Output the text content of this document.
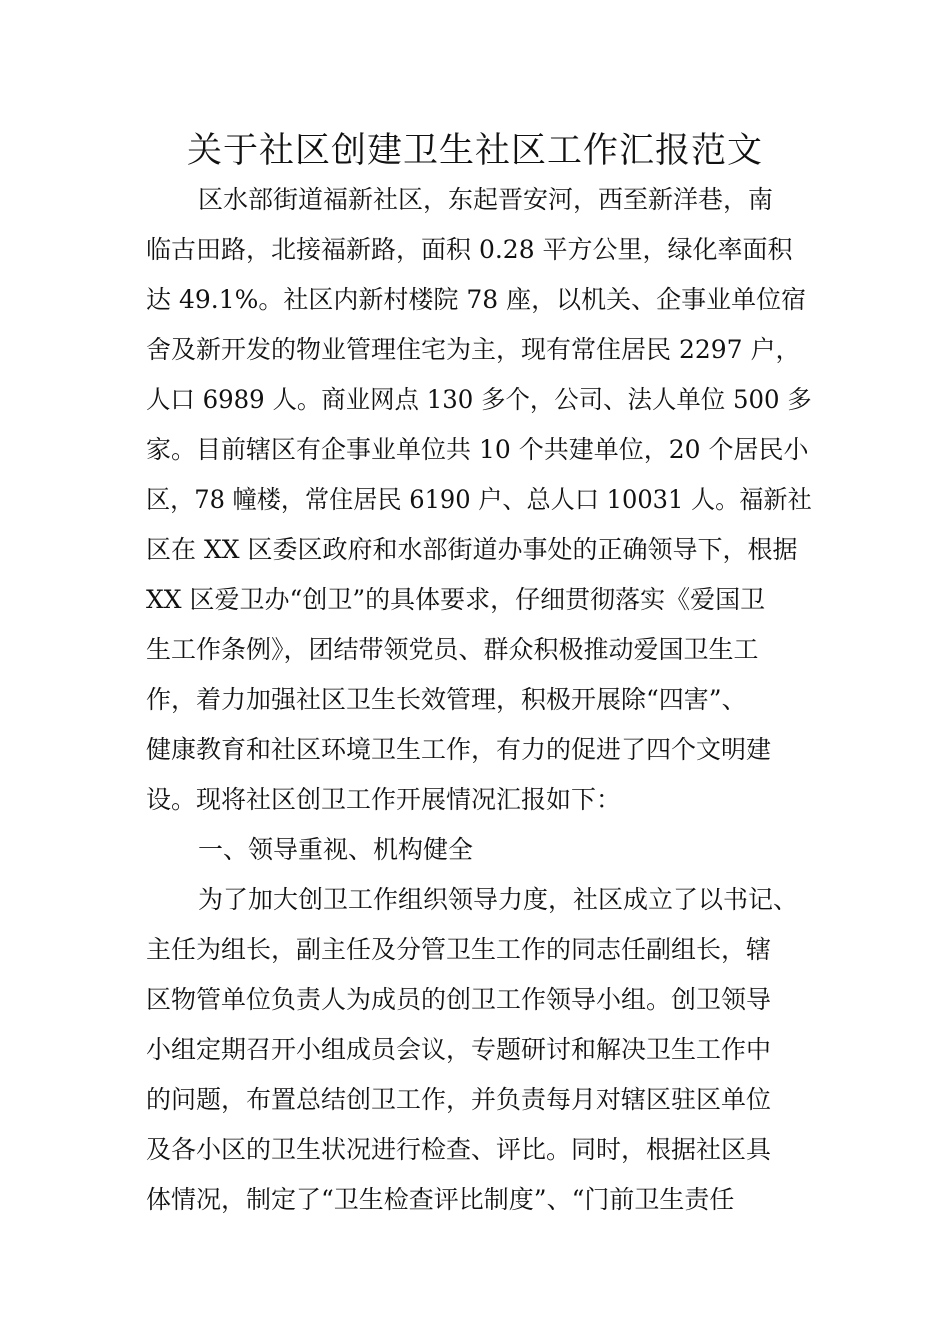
关于社区创建卫生社区工作汇报范文
区水部街道福新社区，东起晋安河，西至新洋巷，南
临古田路，北接福新路，面积 0.28 平方公里，绿化率面积
达 49.1%。社区内新村楼院 78 座，以机关、企事业单位宿
舍及新开发的物业管理住宅为主，现有常住居民 2297 户，
人口 6989 人。商业网点 130 多个，公司、法人单位 500 多
家。目前辖区有企事业单位共 10 个共建单位，20 个居民小
区，78 幢楼，常住居民 6190 户、总人口 10031 人。福新社
区在 XX 区委区政府和水部街道办事处的正确领导下，根据
XX 区爱卫办“创卫”的具体要求，仔细贯彻落实《爱国卫
生工作条例》，团结带领党员、群众积极推动爱国卫生工
作，着力加强社区卫生长效管理，积极开展除“四害”、
健康教育和社区环境卫生工作，有力的促进了四个文明建
设。现将社区创卫工作开展情况汇报如下：
一、领导重视、机构健全
为了加大创卫工作组织领导力度，社区成立了以书记、
主任为组长，副主任及分管卫生工作的同志任副组长，辖
区物管单位负责人为成员的创卫工作领导小组。创卫领导
小组定期召开小组成员会议，专题研讨和解决卫生工作中
的问题，布置总结创卫工作，并负责每月对辖区驻区单位
及各小区的卫生状况进行检查、评比。同时，根据社区具
体情况，制定了“卫生检查评比制度”、“门前卫生责任
